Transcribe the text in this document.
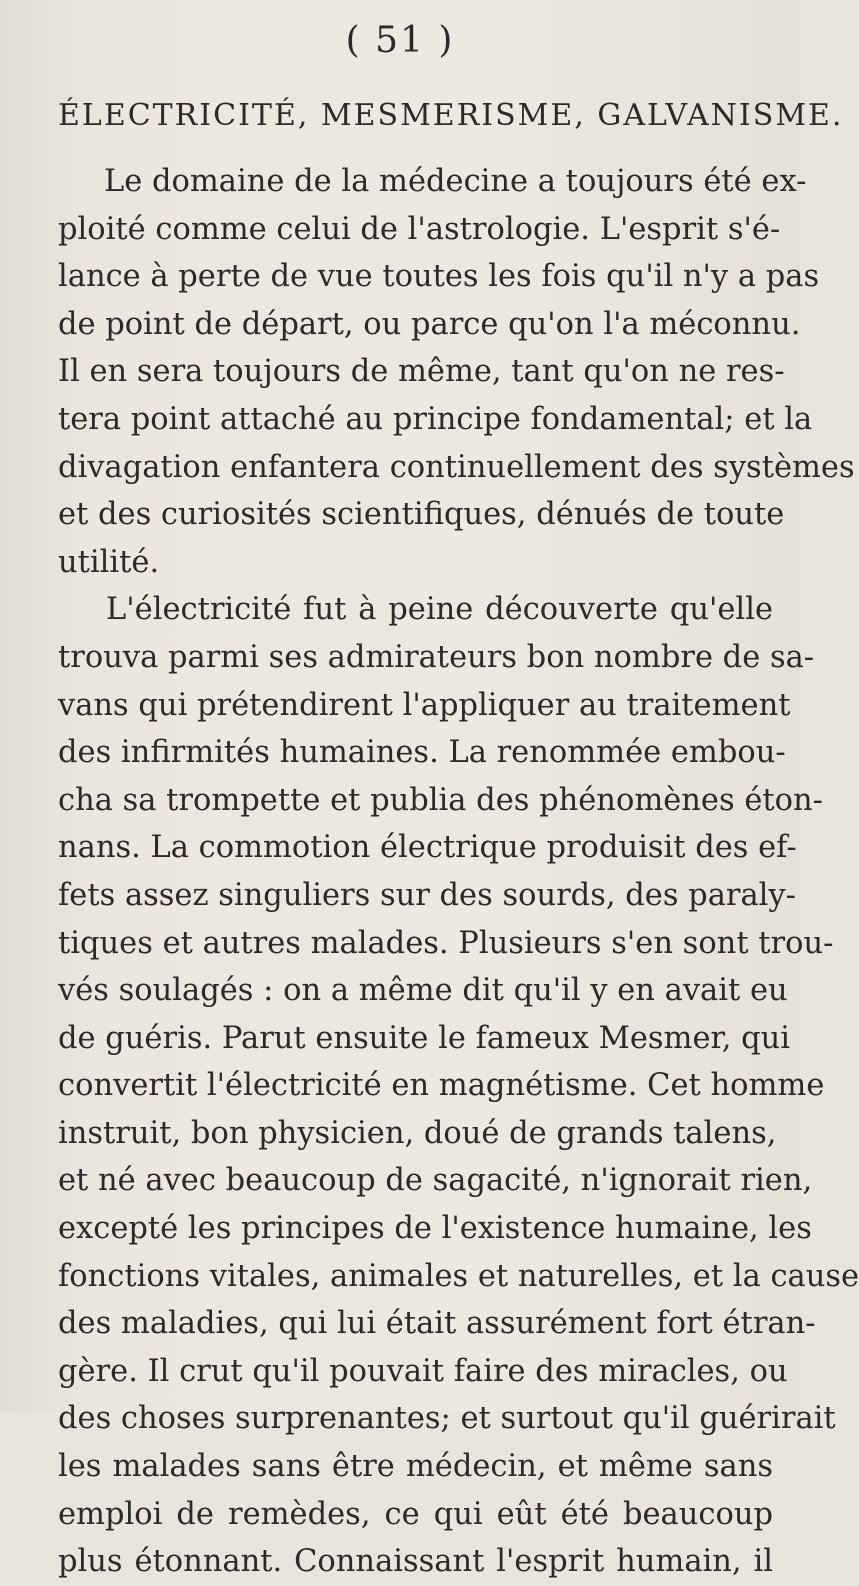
( 51 )
ÉLECTRICITÉ, MESMERISME, GALVANISME.
Le domaine de la médecine a toujours été ex-
ploité comme celui de l'astrologie. L'esprit s'é-
lance à perte de vue toutes les fois qu'il n'y a pas
de point de départ, ou parce qu'on l'a méconnu.
Il en sera toujours de même, tant qu'on ne res-
tera point attaché au principe fondamental; et la
divagation enfantera continuellement des systèmes
et des curiosités scientifiques, dénués de toute
utilité.
L'électricité fut à peine découverte qu'elle
trouva parmi ses admirateurs bon nombre de sa-
vans qui prétendirent l'appliquer au traitement
des infirmités humaines. La renommée embou-
cha sa trompette et publia des phénomènes éton-
nans. La commotion électrique produisit des ef-
fets assez singuliers sur des sourds, des paraly-
tiques et autres malades. Plusieurs s'en sont trou-
vés soulagés : on a même dit qu'il y en avait eu
de guéris. Parut ensuite le fameux Mesmer, qui
convertit l'électricité en magnétisme. Cet homme
instruit, bon physicien, doué de grands talens,
et né avec beaucoup de sagacité, n'ignorait rien,
excepté les principes de l'existence humaine, les
fonctions vitales, animales et naturelles, et la cause
des maladies, qui lui était assurément fort étran-
gère. Il crut qu'il pouvait faire des miracles, ou
des choses surprenantes; et surtout qu'il guérirait
les malades sans être médecin, et même sans
emploi de remèdes, ce qui eût été beaucoup
plus étonnant. Connaissant l'esprit humain, il
